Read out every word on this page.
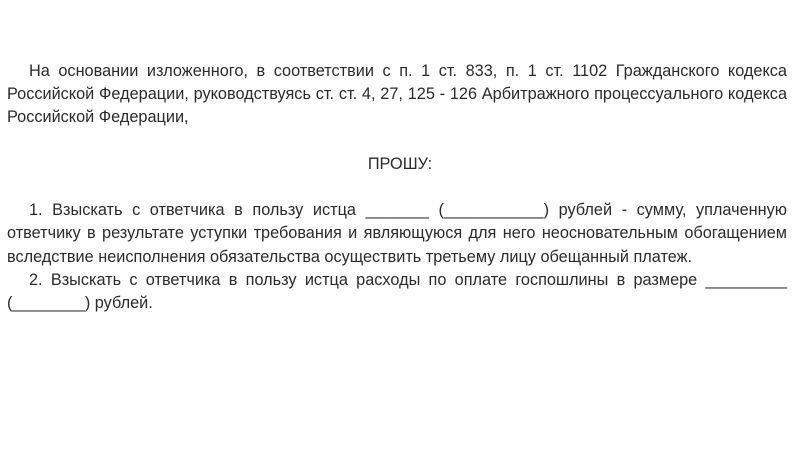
На основании изложенного, в соответствии с п. 1 ст. 833, п. 1 ст. 1102 Гражданского кодекса Российской Федерации, руководствуясь ст. ст. 4, 27, 125 - 126 Арбитражного процессуального кодекса Российской Федерации,

ПРОШУ:

1. Взыскать с ответчика в пользу истца _______ (___________) рублей - сумму, уплаченную ответчику в результате уступки требования и являющуюся для него неосновательным обогащением вследствие неисполнения обязательства осуществить третьему лицу обещанный платеж.

2. Взыскать с ответчика в пользу истца расходы по оплате госпошлины в размере _________ (________) рублей.
